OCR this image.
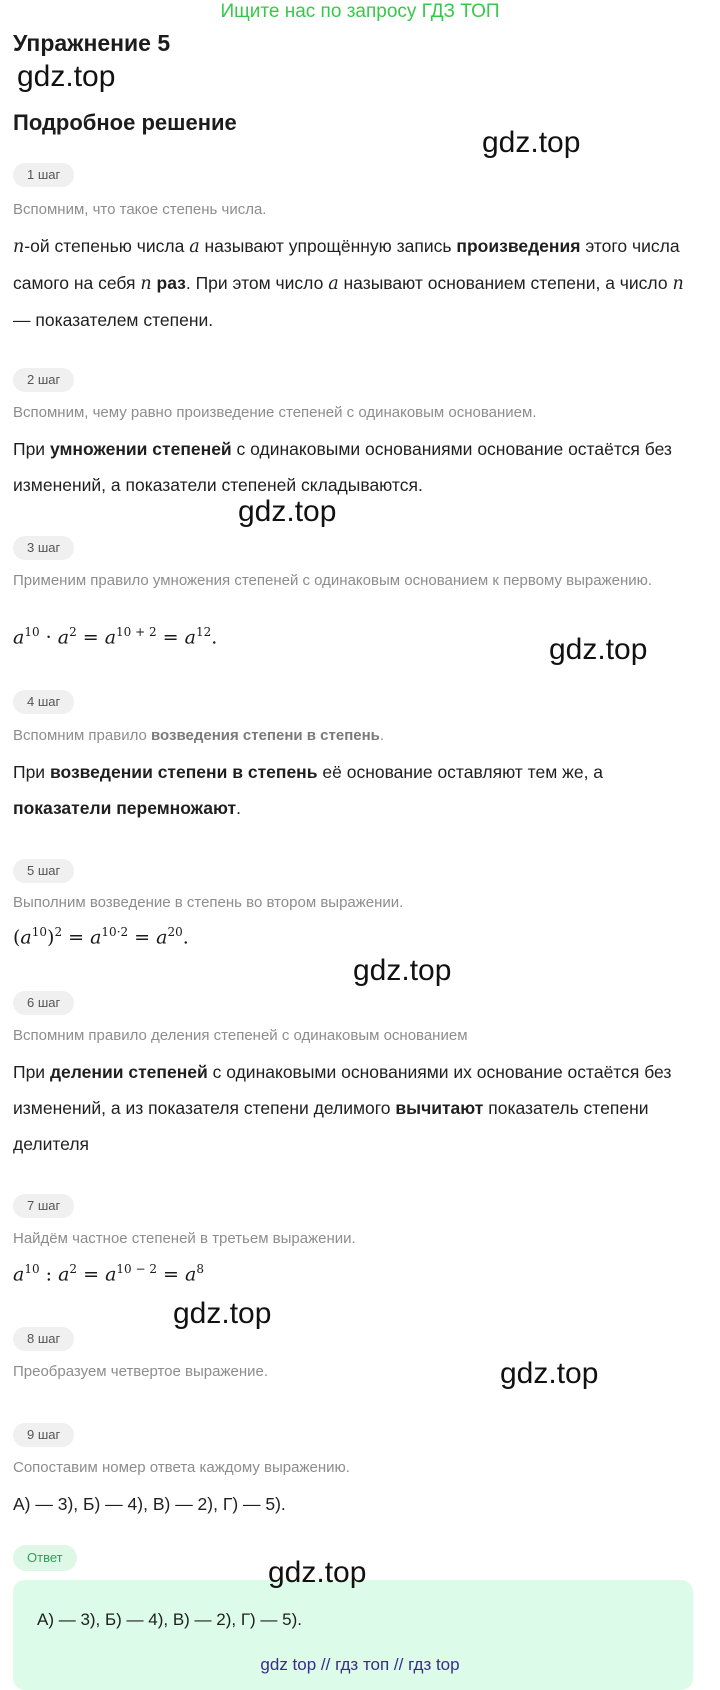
Ищите нас по запросу ГДЗ ТОП
Упражнение 5
gdz.top
Подробное решение
gdz.top
1 шаг
Вспомним, что такое степень числа.
n-ой степенью числа a называют упрощённую запись произведения этого числа самого на себя n раз. При этом число a называют основанием степени, а число n — показателем степени.
2 шаг
Вспомним, чему равно произведение степеней с одинаковым основанием.
При умножении степеней с одинаковыми основаниями основание остаётся без изменений, а показатели степеней складываются.
gdz.top
3 шаг
Применим правило умножения степеней с одинаковым основанием к первому выражению.
$a^{10} \cdot a^2 = a^{10 + 2} = a^{12}$.	gdz.top
4 шаг
Вспомним правило возведения степени в степень.
При возведении степени в степень её основание оставляют тем же, а показатели перемножают.
5 шаг
Выполним возведение в степень во втором выражении.
$(a^{10})^2 = a^{10\cdot 2} = a^{20}$.
gdz.top
6 шаг
Вспомним правило деления степеней с одинаковым основанием
При делении степеней с одинаковыми основаниями их основание остаётся без изменений, а из показателя степени делимого вычитают показатель степени делителя
7 шаг
Найдём частное степеней в третьем выражении.
$a^{10}$ : $a^2 = a^{10 - 2} = a^8$
gdz.top
8 шаг
Преобразуем четвертое выражение.	gdz.top
9 шаг
Сопоставим номер ответа каждому выражению.
А) — 3), Б) — 4), В) — 2), Г) — 5).
Ответ	gdz.top
А) — 3), Б) — 4), В) — 2), Г) — 5).
gdz top // гдз топ // гдз top
